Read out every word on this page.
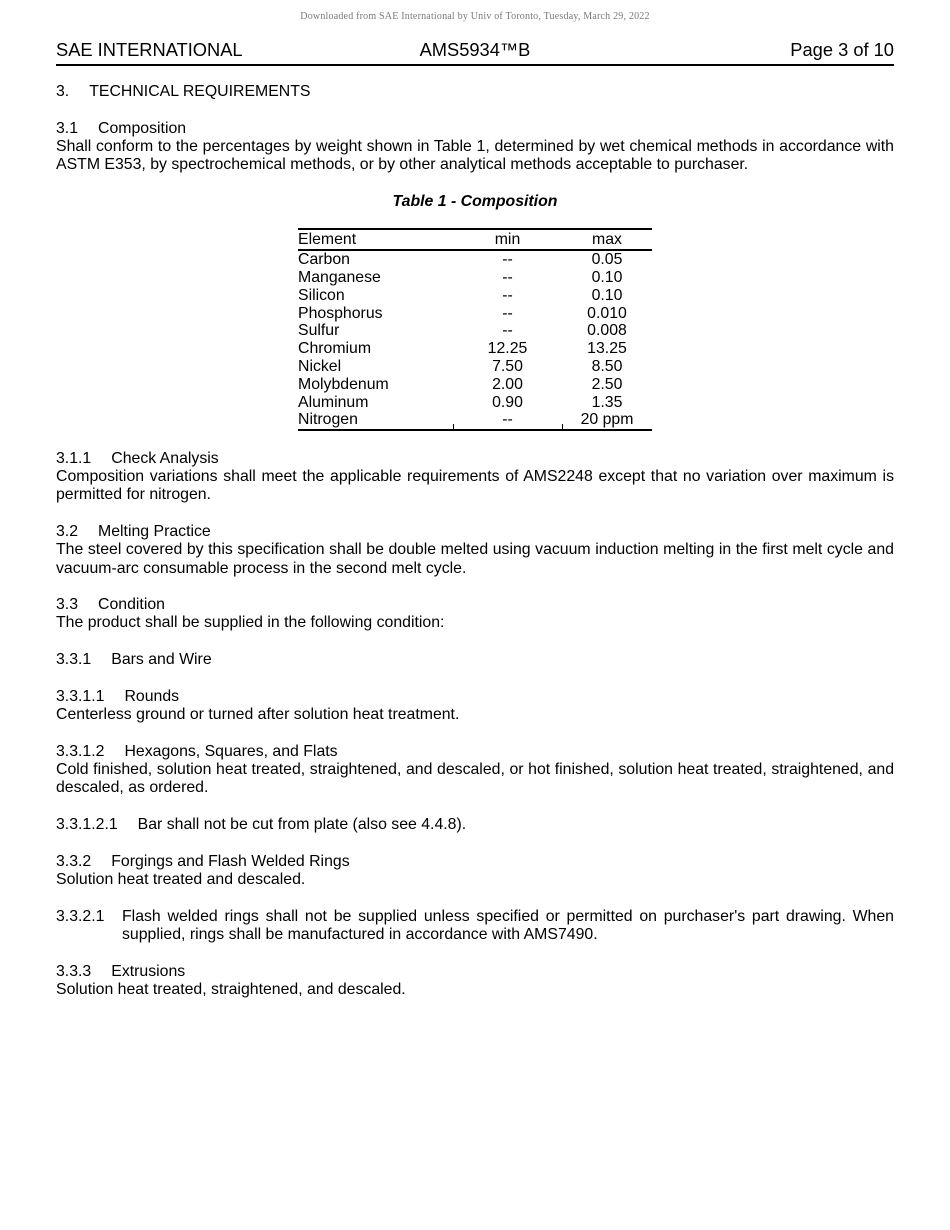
Downloaded from SAE International by Univ of Toronto, Tuesday, March 29, 2022
SAE INTERNATIONAL	AMS5934™B	Page 3 of 10
3. TECHNICAL REQUIREMENTS
3.1 Composition

Shall conform to the percentages by weight shown in Table 1, determined by wet chemical methods in accordance with ASTM E353, by spectrochemical methods, or by other analytical methods acceptable to purchaser.

Table 1 - Composition
Element	min	max
Carbon	--	0.05
Manganese	--	0.10
Silicon	--	0.10
Phosphorus	--	0.010
Sulfur	--	0.008
Chromium	12.25	13.25
Nickel	7.50	8.50
Molybdenum	2.00	2.50
Aluminum	0.90	1.35
Nitrogen	--	20 ppm
3.1.1 Check Analysis

Composition variations shall meet the applicable requirements of AMS2248 except that no variation over maximum is permitted for nitrogen.

3.2 Melting Practice

The steel covered by this specification shall be double melted using vacuum induction melting in the first melt cycle and vacuum-arc consumable process in the second melt cycle.

3.3 Condition

The product shall be supplied in the following condition:

3.3.1 Bars and Wire
3.3.1.1 Rounds

Centerless ground or turned after solution heat treatment.

3.3.1.2 Hexagons, Squares, and Flats

Cold finished, solution heat treated, straightened, and descaled, or hot finished, solution heat treated, straightened, and descaled, as ordered.

3.3.1.2.1 Bar shall not be cut from plate (also see 4.4.8).
3.3.2 Forgings and Flash Welded Rings

Solution heat treated and descaled.

3.3.2.1	Flash welded rings shall not be supplied unless specified or permitted on purchaser's part drawing. When supplied, rings shall be manufactured in accordance with AMS7490.
3.3.3 Extrusions

Solution heat treated, straightened, and descaled.
